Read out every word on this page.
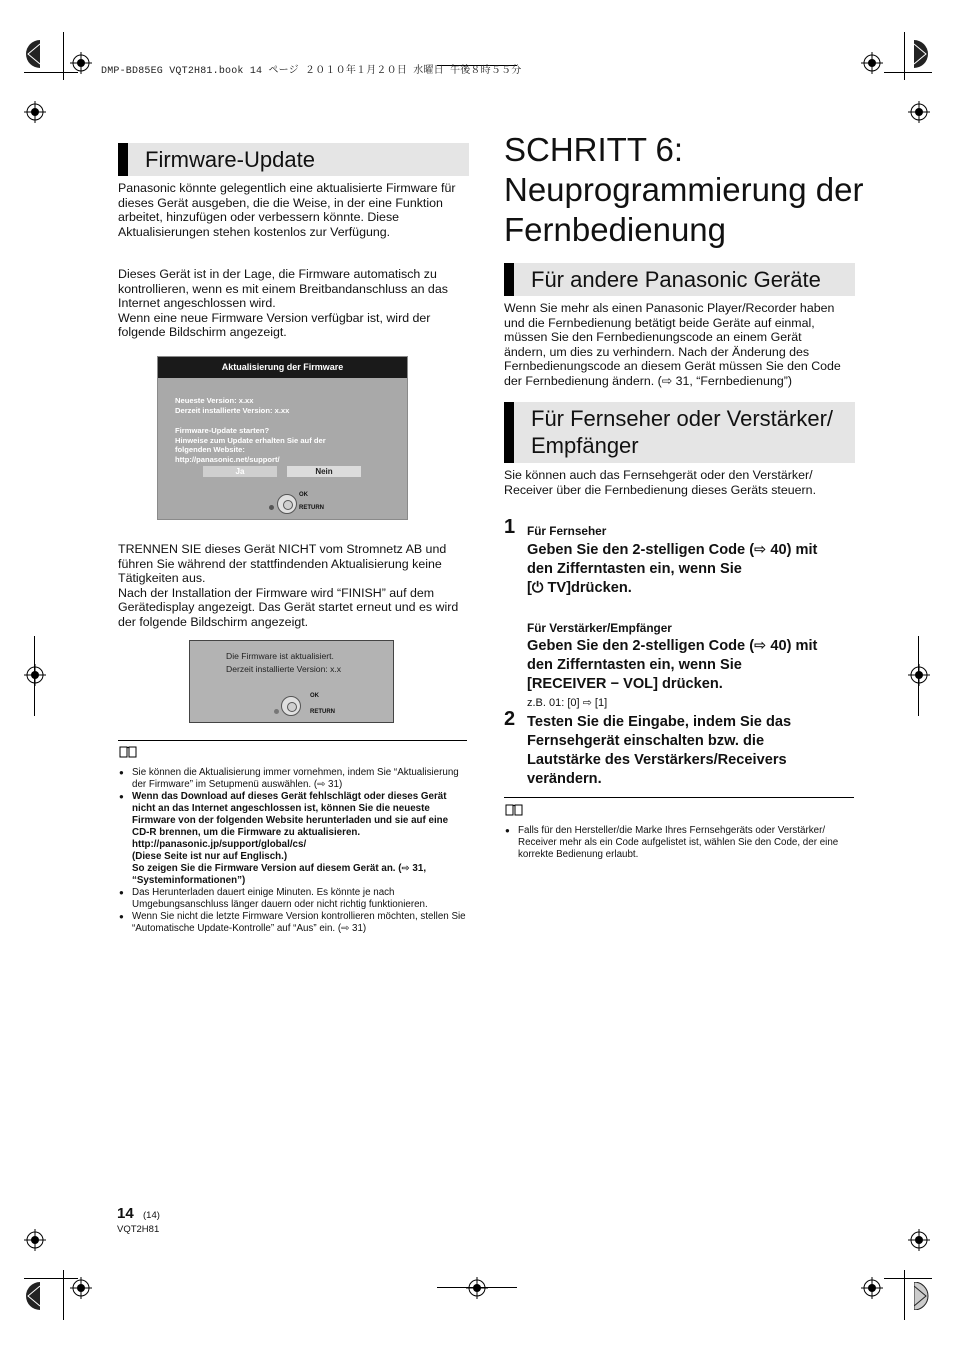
DMP-BD85EG VQT2H81.book 14 ページ ２０１０年１月２０日 水曜日 午後８時５５分
Firmware-Update
Panasonic könnte gelegentlich eine aktualisierte Firmware für
dieses Gerät ausgeben, die die Weise, in der eine Funktion
arbeitet, hinzufügen oder verbessern könnte. Diese
Aktualisierungen stehen kostenlos zur Verfügung.
Dieses Gerät ist in der Lage, die Firmware automatisch zu
kontrollieren, wenn es mit einem Breitbandanschluss an das
Internet angeschlossen wird.
Wenn eine neue Firmware Version verfügbar ist, wird der
folgende Bildschirm angezeigt.
Aktualisierung der Firmware
Neueste Version: x.xx
Derzeit installierte Version: x.xx
Firmware-Update starten?
Hinweise zum Update erhalten Sie auf der
folgenden Website:
http://panasonic.net/support/
Ja	Nein
OK
RETURN
TRENNEN SIE dieses Gerät NICHT vom Stromnetz AB und
führen Sie während der stattfindenden Aktualisierung keine
Tätigkeiten aus.
Nach der Installation der Firmware wird “FINISH” auf dem
Gerätedisplay angezeigt. Das Gerät startet erneut und es wird
der folgende Bildschirm angezeigt.
Die Firmware ist aktualisiert.
Derzeit installierte Version: x.x
OK
RETURN
● Sie können die Aktualisierung immer vornehmen, indem Sie “Aktualisierung der Firmware” im Setupmenü auswählen. (⇨ 31)
● Wenn das Download auf dieses Gerät fehlschlägt oder dieses Gerät nicht an das Internet angeschlossen ist, können Sie die neueste Firmware von der folgenden Website herunterladen und sie auf eine CD-R brennen, um die Firmware zu aktualisieren.
http://panasonic.jp/support/global/cs/
(Diese Seite ist nur auf Englisch.)
So zeigen Sie die Firmware Version auf diesem Gerät an. (⇨ 31, “Systeminformationen”)
● Das Herunterladen dauert einige Minuten. Es könnte je nach Umgebungsanschluss länger dauern oder nicht richtig funktionieren.
● Wenn Sie nicht die letzte Firmware Version kontrollieren möchten, stellen Sie “Automatische Update-Kontrolle” auf “Aus” ein. (⇨ 31)
SCHRITT 6:
Neuprogrammierung der
Fernbedienung
Für andere Panasonic Geräte
Wenn Sie mehr als einen Panasonic Player/Recorder haben
und die Fernbedienung betätigt beide Geräte auf einmal,
müssen Sie den Fernbedienungscode an einem Gerät
ändern, um dies zu verhindern. Nach der Änderung des
Fernbedienungscode an diesem Gerät müssen Sie den Code
der Fernbedienung ändern. (⇨ 31, “Fernbedienung”)
Für Fernseher oder Verstärker/
Empfänger
Sie können auch das Fernsehgerät oder den Verstärker/
Receiver über die Fernbedienung dieses Geräts steuern.
1 Für Fernseher
Geben Sie den 2-stelligen Code (⇨ 40) mit
den Zifferntasten ein, wenn Sie
[⏻ TV]drücken.
Für Verstärker/Empfänger
Geben Sie den 2-stelligen Code (⇨ 40) mit
den Zifferntasten ein, wenn Sie
[RECEIVER − VOL] drücken.
z.B. 01: [0] ⇨ [1]
2 Testen Sie die Eingabe, indem Sie das
Fernsehgerät einschalten bzw. die
Lautstärke des Verstärkers/Receivers
verändern.
● Falls für den Hersteller/die Marke Ihres Fernsehgeräts oder Verstärker/ Receiver mehr als ein Code aufgelistet ist, wählen Sie den Code, der eine korrekte Bedienung erlaubt.
14 (14)
VQT2H81
